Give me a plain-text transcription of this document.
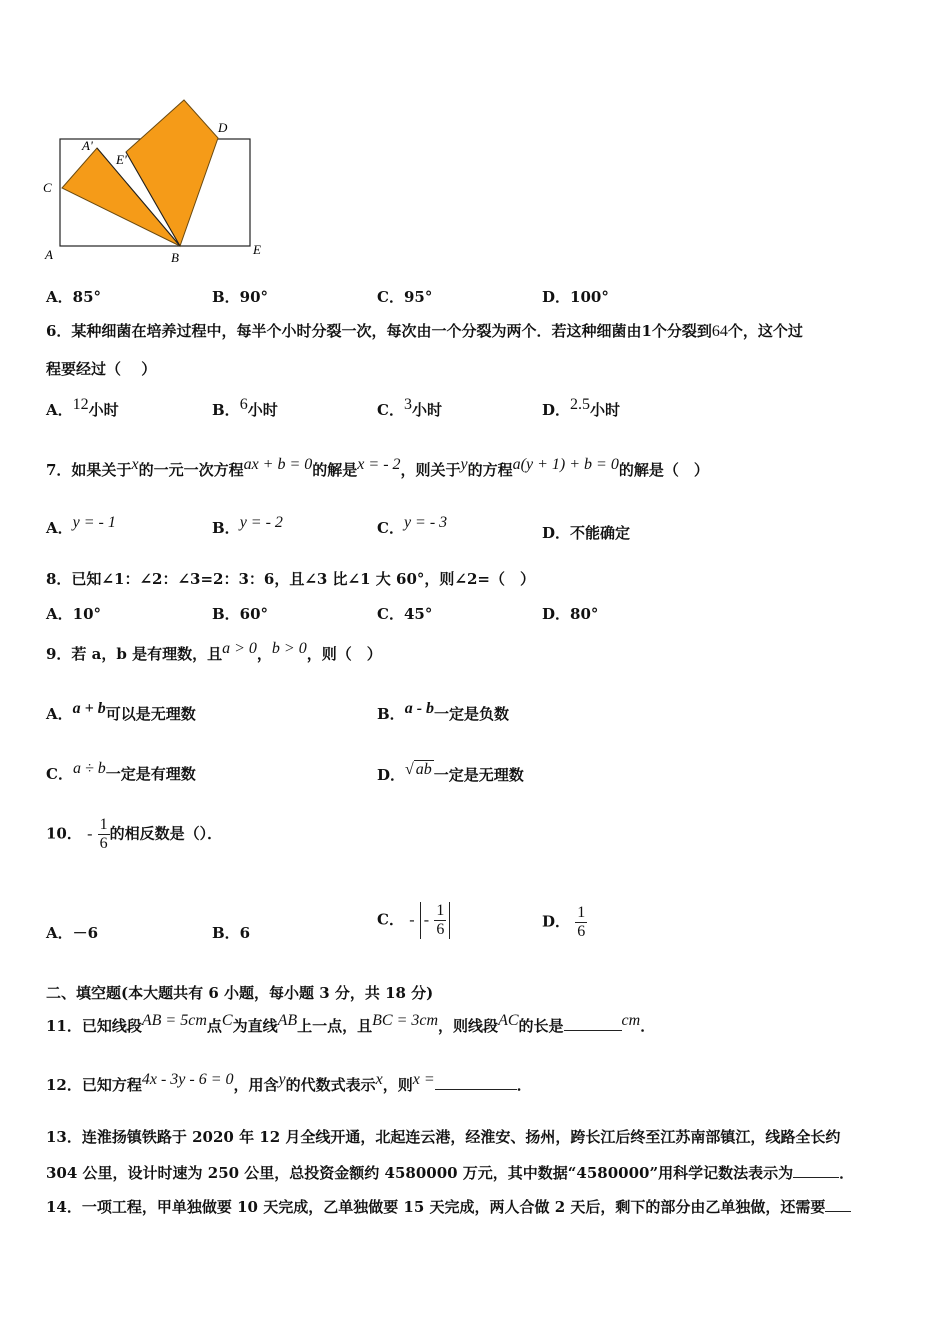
A'
E'
C
D
A	B
E
A．85°	B．90°	C．95°	D．100°
6．某种细菌在培养过程中，每半个小时分裂一次，每次由一个分裂为两个．若这种细菌由1个分裂到64个，这个过
程要经过（　 ）
A．$^{12}$小时	B．$^6$小时	C．$^3$小时	D．$^{2.5}$小时
7．如果关于$^x$的一元一次方程$^{ax + b = 0}$的解是$^{x = - 2}$，则关于$^y$的方程$^{a(y + 1) + b = 0}$的解是（　）
A．$^{y = - 1}$	B．$^{y = - 2}$	C．$^{y = - 3}$
D．不能确定
8．已知∠1：∠2：∠3=2：3：6，且∠3 比∠1 大 60°，则∠2=（　）
A．10°	B．60°	C．45°	D．80°
9．若 a，b 是有理数，且$^{a > 0}$，$^{b > 0}$，则（　）
A．$^{a + b}$可以是无理数	B．$^{a - b}$一定是负数
C．$^{a \div b}$一定是有理数	D．$^{√ ab}$ 一定是无理数
10． - $\frac{1}{6}$ 的相反数是（）．
A．－6	B．6
C． - - $\frac{1}{6}$	D． $\frac{1}{6}$
二、填空题(本大题共有 6 小题，每小题 3 分，共 18 分)
11．已知线段$^{AB = 5cm}$点$^C$为直线$^{AB}$上一点，且$^{BC = 3cm}$，则线段$^{AC}$的长是	$^{cm}$．
12．已知方程$^{4x - 3y - 6 = 0}$，用含$^y$的代数式表示$^x$，则$^{x =}$	．
13．连淮扬镇铁路于 2020 年 12 月全线开通，北起连云港，经淮安、扬州，跨长江后终至江苏南部镇江，线路全长约
304 公里，设计时速为 250 公里，总投资金额约 4580000 万元，其中数据“4580000”用科学记数法表示为	．
14．一项工程，甲单独做要 10 天完成，乙单独做要 15 天完成，两人合做 2 天后，剩下的部分由乙单独做，还需要
